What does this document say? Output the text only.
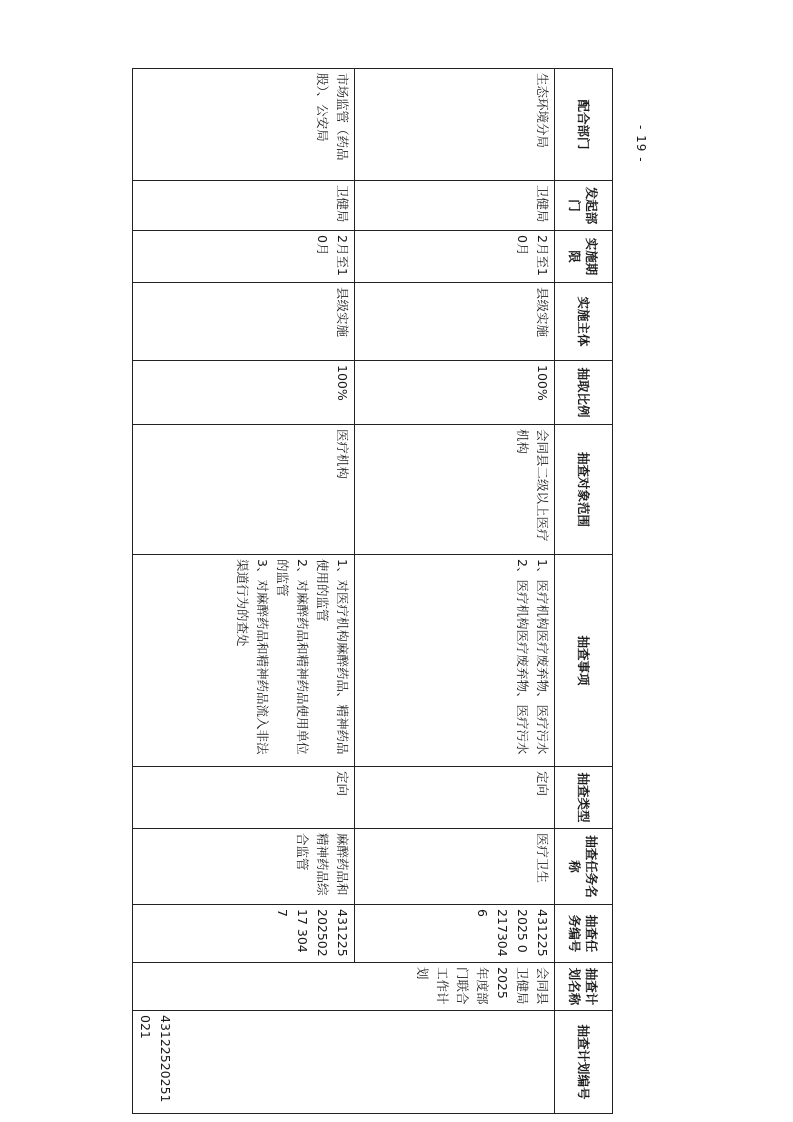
配合部门	发起部门	实施期限	实施主体	抽取比例	抽查对象范围	抽查事项	抽查类型	抽查任务名称	抽查任务编号	抽查计划名称	抽查计划编号
生态环境分局	卫健局	2月至10月	县级实施	100%	会同县二级以上医疗机构	1、医疗机构医疗废弃物、医疗污水
2、医疗机构医疗废弃物、医疗污水	定向	医疗卫生	4312252025 02173046	会同县卫健局2025年度部门联合工作计划	43122520251021
市场监管（药品股）、公安局	卫健局	2月至10月	县级实施	100%	医疗机构	1、对医疗机构麻醉药品、精神药品使用的监管
2、对麻醉药品和精神药品使用单位的监管
3、对麻醉药品和精神药品流入非法渠道行为的查处	定向	麻醉药品和精神药品综合监管	43122520250217 3047		
- 19 -
